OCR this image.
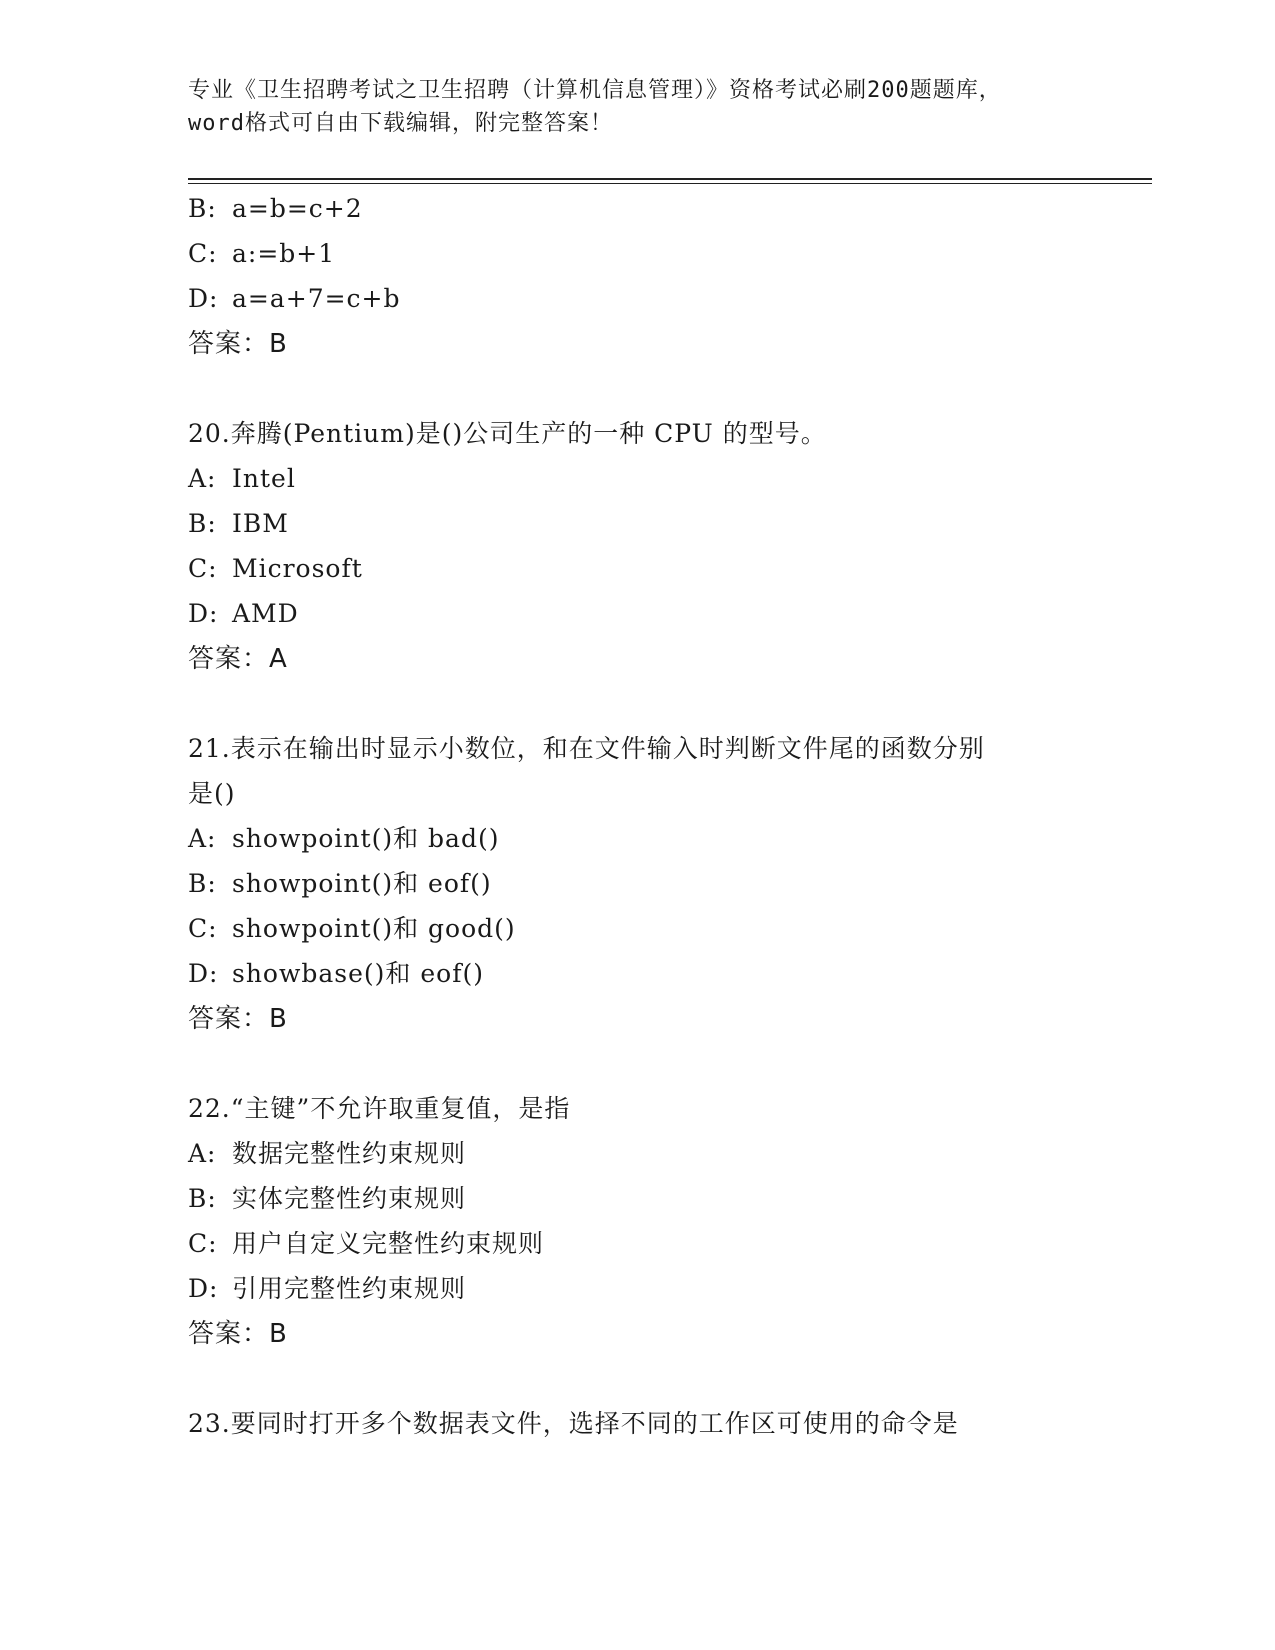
专业《卫生招聘考试之卫生招聘（计算机信息管理）》资格考试必刷200题题库，
word格式可自由下载编辑，附完整答案！
B: a=b=c+2
C: a:=b+1
D: a=a+7=c+b
答案：B
20.奔腾(Pentium)是()公司生产的一种 CPU 的型号。
A: Intel
B: IBM
C: Microsoft
D: AMD
答案：A
21.表示在输出时显示小数位，和在文件输入时判断文件尾的函数分别
是()
A: showpoint()和 bad()
B: showpoint()和 eof()
C: showpoint()和 good()
D: showbase()和 eof()
答案：B
22.“主键”不允许取重复值，是指
A: 数据完整性约束规则
B: 实体完整性约束规则
C: 用户自定义完整性约束规则
D: 引用完整性约束规则
答案：B
23.要同时打开多个数据表文件，选择不同的工作区可使用的命令是
